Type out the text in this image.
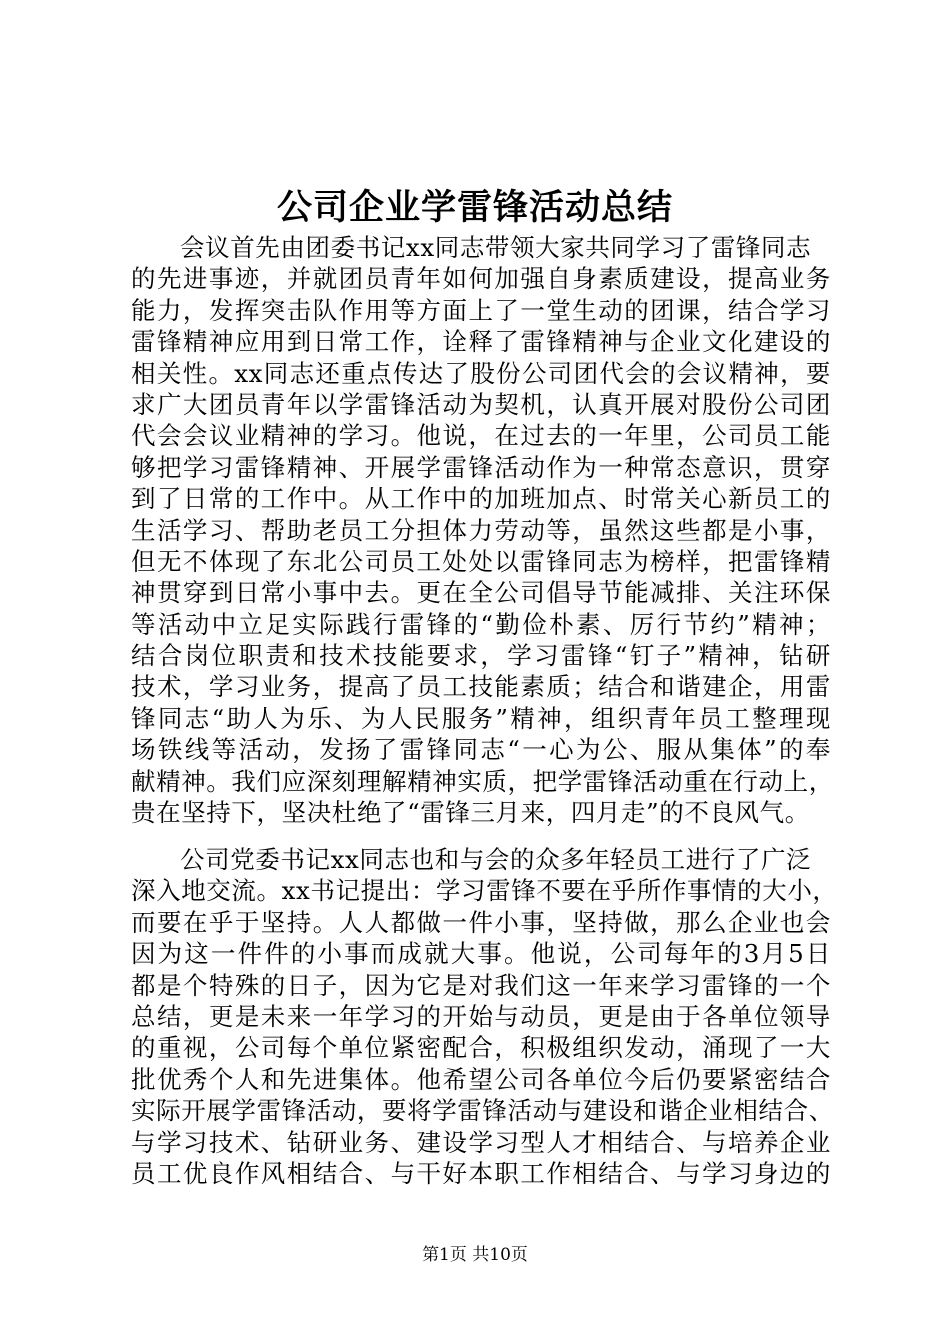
公司企业学雷锋活动总结
会议首先由团委书记xx同志带领大家共同学习了雷锋同志
的先进事迹，并就团员青年如何加强自身素质建设，提高业务
能力，发挥突击队作用等方面上了一堂生动的团课，结合学习
雷锋精神应用到日常工作，诠释了雷锋精神与企业文化建设的
相关性。xx同志还重点传达了股份公司团代会的会议精神，要
求广大团员青年以学雷锋活动为契机，认真开展对股份公司团
代会会议业精神的学习。他说，在过去的一年里，公司员工能
够把学习雷锋精神、开展学雷锋活动作为一种常态意识，贯穿
到了日常的工作中。从工作中的加班加点、时常关心新员工的
生活学习、帮助老员工分担体力劳动等，虽然这些都是小事，
但无不体现了东北公司员工处处以雷锋同志为榜样，把雷锋精
神贯穿到日常小事中去。更在全公司倡导节能减排、关注环保
等活动中立足实际践行雷锋的“勤俭朴素、厉行节约”精神；
结合岗位职责和技术技能要求，学习雷锋“钉子”精神，钻研
技术，学习业务，提高了员工技能素质；结合和谐建企，用雷
锋同志“助人为乐、为人民服务”精神，组织青年员工整理现
场铁线等活动，发扬了雷锋同志“一心为公、服从集体”的奉
献精神。我们应深刻理解精神实质，把学雷锋活动重在行动上，
贵在坚持下，坚决杜绝了“雷锋三月来，四月走”的不良风气。
公司党委书记xx同志也和与会的众多年轻员工进行了广泛
深入地交流。xx书记提出：学习雷锋不要在乎所作事情的大小，
而要在乎于坚持。人人都做一件小事，坚持做，那么企业也会
因为这一件件的小事而成就大事。他说，公司每年的3月5日
都是个特殊的日子，因为它是对我们这一年来学习雷锋的一个
总结，更是未来一年学习的开始与动员，更是由于各单位领导
的重视，公司每个单位紧密配合，积极组织发动，涌现了一大
批优秀个人和先进集体。他希望公司各单位今后仍要紧密结合
实际开展学雷锋活动，要将学雷锋活动与建设和谐企业相结合、
与学习技术、钻研业务、建设学习型人才相结合、与培养企业
员工优良作风相结合、与干好本职工作相结合、与学习身边的
第1页 共10页
